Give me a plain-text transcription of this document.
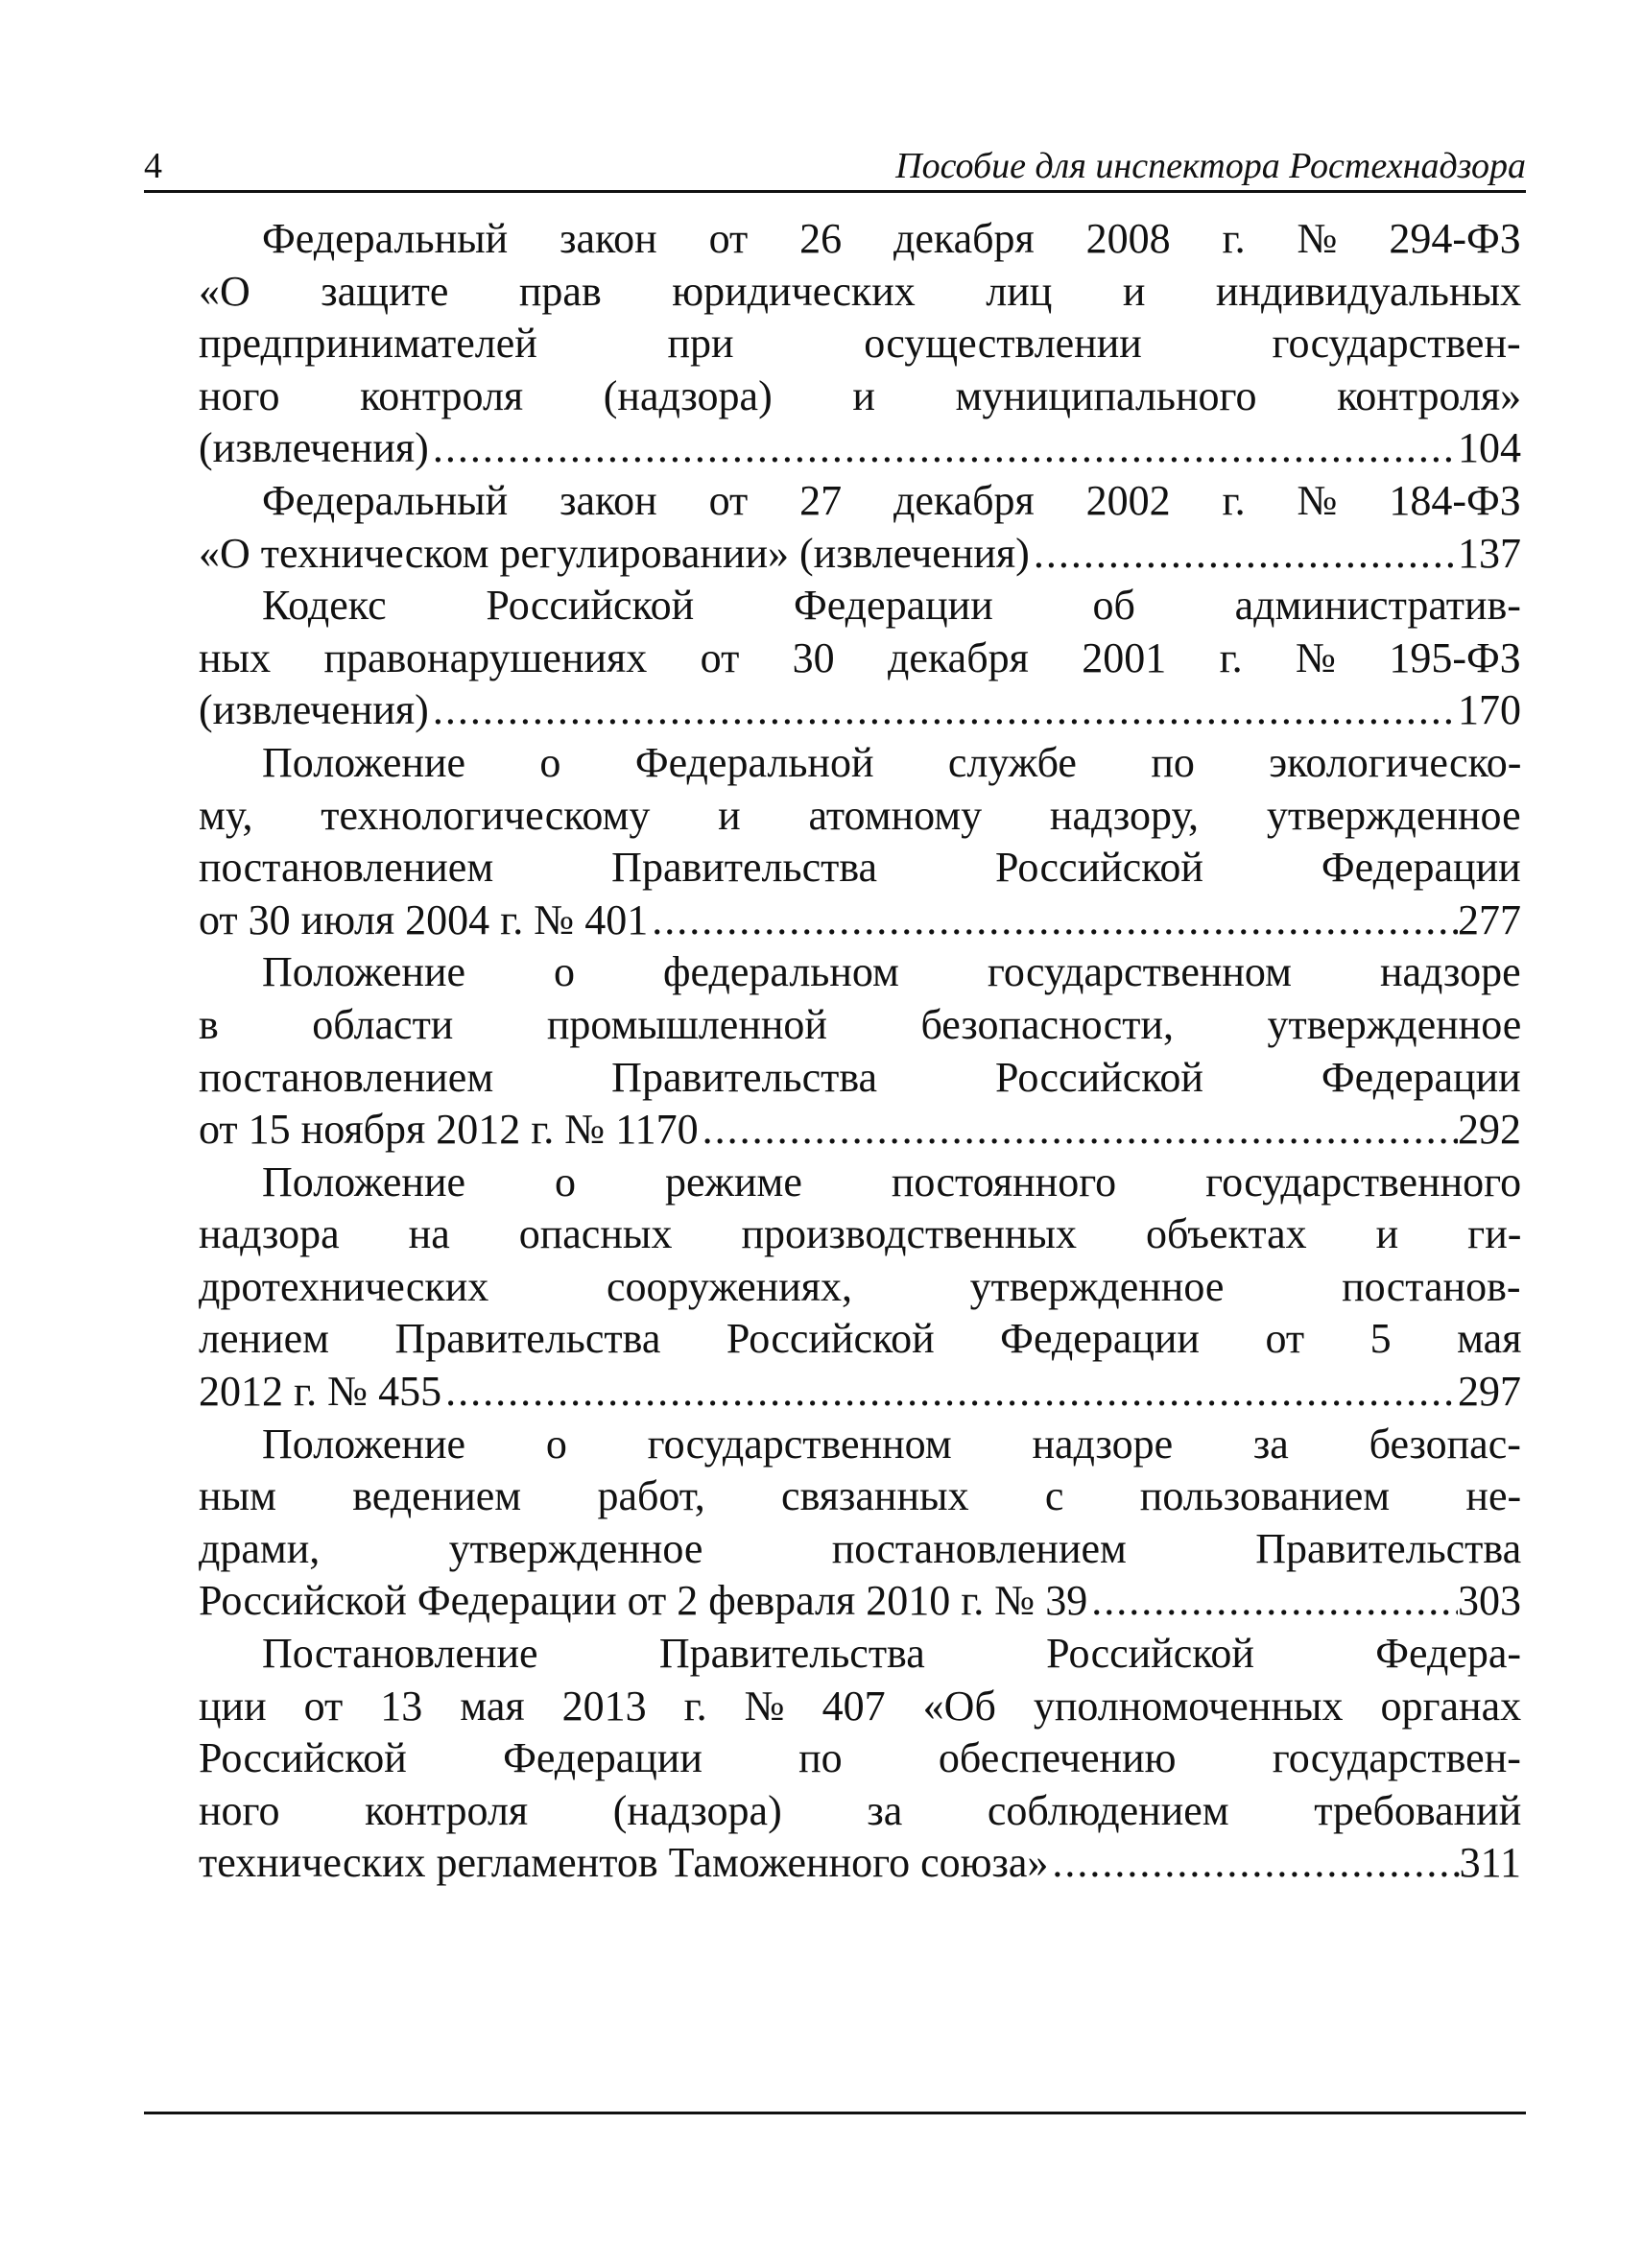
4	Пособие для инспектора Ростехнадзора
Федеральный закон от 26 декабря 2008 г. № 294-ФЗ
«О защите прав юридических лиц и индивидуальных
предпринимателей при осуществлении государствен-
ного контроля (надзора) и муниципального контроля»
(извлечения) .....	104
Федеральный закон от 27 декабря 2002 г. № 184-ФЗ
«О техническом регулировании» (извлечения) .....	137
Кодекс Российской Федерации об административ-
ных правонарушениях от 30 декабря 2001 г. № 195-ФЗ
(извлечения) .....	170
Положение о Федеральной службе по экологическо-
му, технологическому и атомному надзору, утвержденное
постановлением Правительства Российской Федерации
от 30 июля 2004 г. № 401 .....	277
Положение о федеральном государственном надзоре
в области промышленной безопасности, утвержденное
постановлением Правительства Российской Федерации
от 15 ноября 2012 г. № 1170 .....	292
Положение о режиме постоянного государственного
надзора на опасных производственных объектах и ги-
дротехнических сооружениях, утвержденное постанов-
лением Правительства Российской Федерации от 5 мая
2012 г. № 455 .....	297
Положение о государственном надзоре за безопас-
ным ведением работ, связанных с пользованием не-
драми, утвержденное постановлением Правительства
Российской Федерации от 2 февраля 2010 г. № 39 .....	303
Постановление Правительства Российской Федера-
ции от 13 мая 2013 г. № 407 «Об уполномоченных органах
Российской Федерации по обеспечению государствен-
ного контроля (надзора) за соблюдением требований
технических регламентов Таможенного союза» .....	311
